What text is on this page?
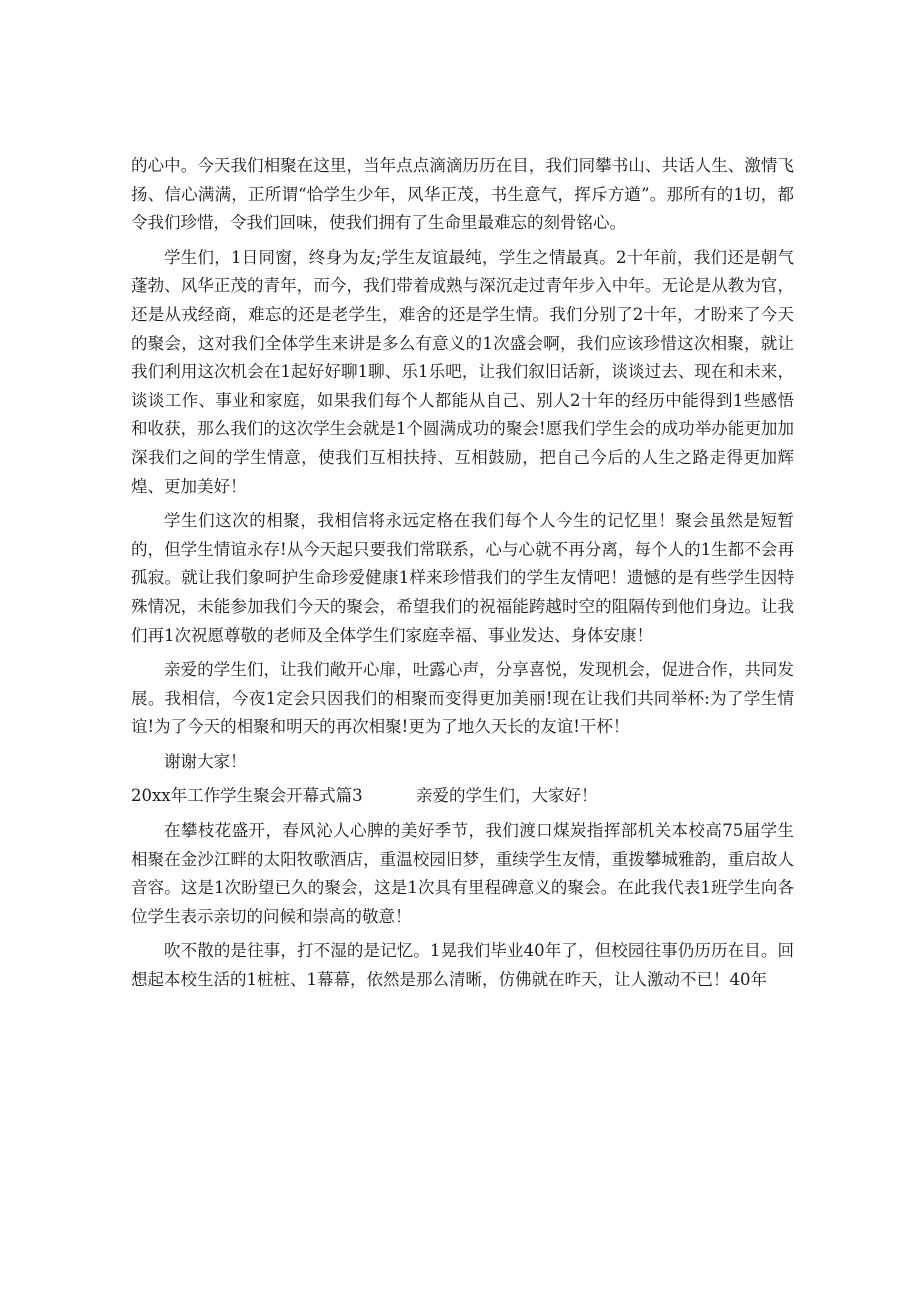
的心中。今天我们相聚在这里，当年点点滴滴历历在目，我们同攀书山、共话人生、激情飞扬、信心满满，正所谓“恰学生少年，风华正茂，书生意气，挥斥方遒”。那所有的1切，都令我们珍惜，令我们回味，使我们拥有了生命里最难忘的刻骨铭心。

学生们，1日同窗，终身为友;学生友谊最纯，学生之情最真。2十年前，我们还是朝气蓬勃、风华正茂的青年，而今，我们带着成熟与深沉走过青年步入中年。无论是从教为官，还是从戎经商，难忘的还是老学生，难舍的还是学生情。我们分别了2十年，才盼来了今天的聚会，这对我们全体学生来讲是多么有意义的1次盛会啊，我们应该珍惜这次相聚，就让我们利用这次机会在1起好好聊1聊、乐1乐吧，让我们叙旧话新，谈谈过去、现在和未来，谈谈工作、事业和家庭，如果我们每个人都能从自己、别人2十年的经历中能得到1些感悟和收获，那么我们的这次学生会就是1个圆满成功的聚会!愿我们学生会的成功举办能更加加深我们之间的学生情意，使我们互相扶持、互相鼓励，把自己今后的人生之路走得更加辉煌、更加美好！

学生们这次的相聚，我相信将永远定格在我们每个人今生的记忆里！聚会虽然是短暂的，但学生情谊永存!从今天起只要我们常联系，心与心就不再分离，每个人的1生都不会再孤寂。就让我们象呵护生命珍爱健康1样来珍惜我们的学生友情吧！遗憾的是有些学生因特殊情况，未能参加我们今天的聚会，希望我们的祝福能跨越时空的阻隔传到他们身边。让我们再1次祝愿尊敬的老师及全体学生们家庭幸福、事业发达、身体安康！

亲爱的学生们，让我们敞开心扉，吐露心声，分享喜悦，发现机会，促进合作，共同发展。我相信，今夜1定会只因我们的相聚而变得更加美丽!现在让我们共同举杯:为了学生情谊!为了今天的相聚和明天的再次相聚!更为了地久天长的友谊!干杯！

谢谢大家！

20xx年工作学生聚会开幕式篇3	亲爱的学生们，大家好！

在攀枝花盛开，春风沁人心脾的美好季节，我们渡口煤炭指挥部机关本校高75届学生相聚在金沙江畔的太阳牧歌酒店，重温校园旧梦，重续学生友情，重拨攀城雅韵，重启故人音容。这是1次盼望已久的聚会，这是1次具有里程碑意义的聚会。在此我代表1班学生向各位学生表示亲切的问候和崇高的敬意！

吹不散的是往事，打不湿的是记忆。1晃我们毕业40年了，但校园往事仍历历在目。回想起本校生活的1桩桩、1幕幕，依然是那么清晰，仿佛就在昨天，让人激动不已！40年
